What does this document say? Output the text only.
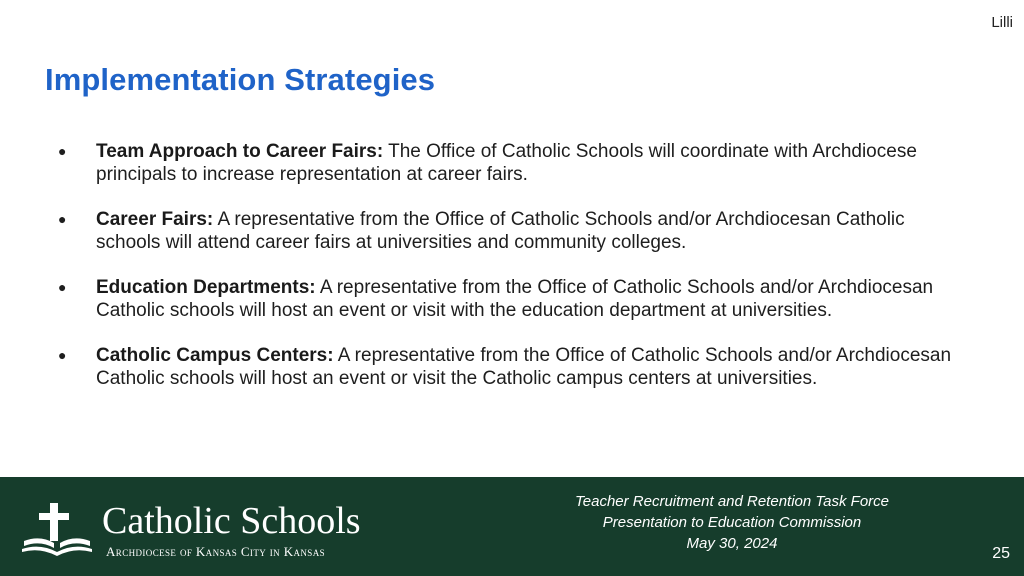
Lilli
Implementation Strategies
● Team Approach to Career Fairs: The Office of Catholic Schools will coordinate with Archdiocese principals to increase representation at career fairs.
● Career Fairs: A representative from the Office of Catholic Schools and/or Archdiocesan Catholic schools will attend career fairs at universities and community colleges.
● Education Departments: A representative from the Office of Catholic Schools and/or Archdiocesan Catholic schools will host an event or visit with the education department at universities.
● Catholic Campus Centers: A representative from the Office of Catholic Schools and/or Archdiocesan Catholic schools will host an event or visit the Catholic campus centers at universities.
Catholic Schools
Archdiocese of Kansas City in Kansas
Teacher Recruitment and Retention Task Force
Presentation to Education Commission
May 30, 2024
25
